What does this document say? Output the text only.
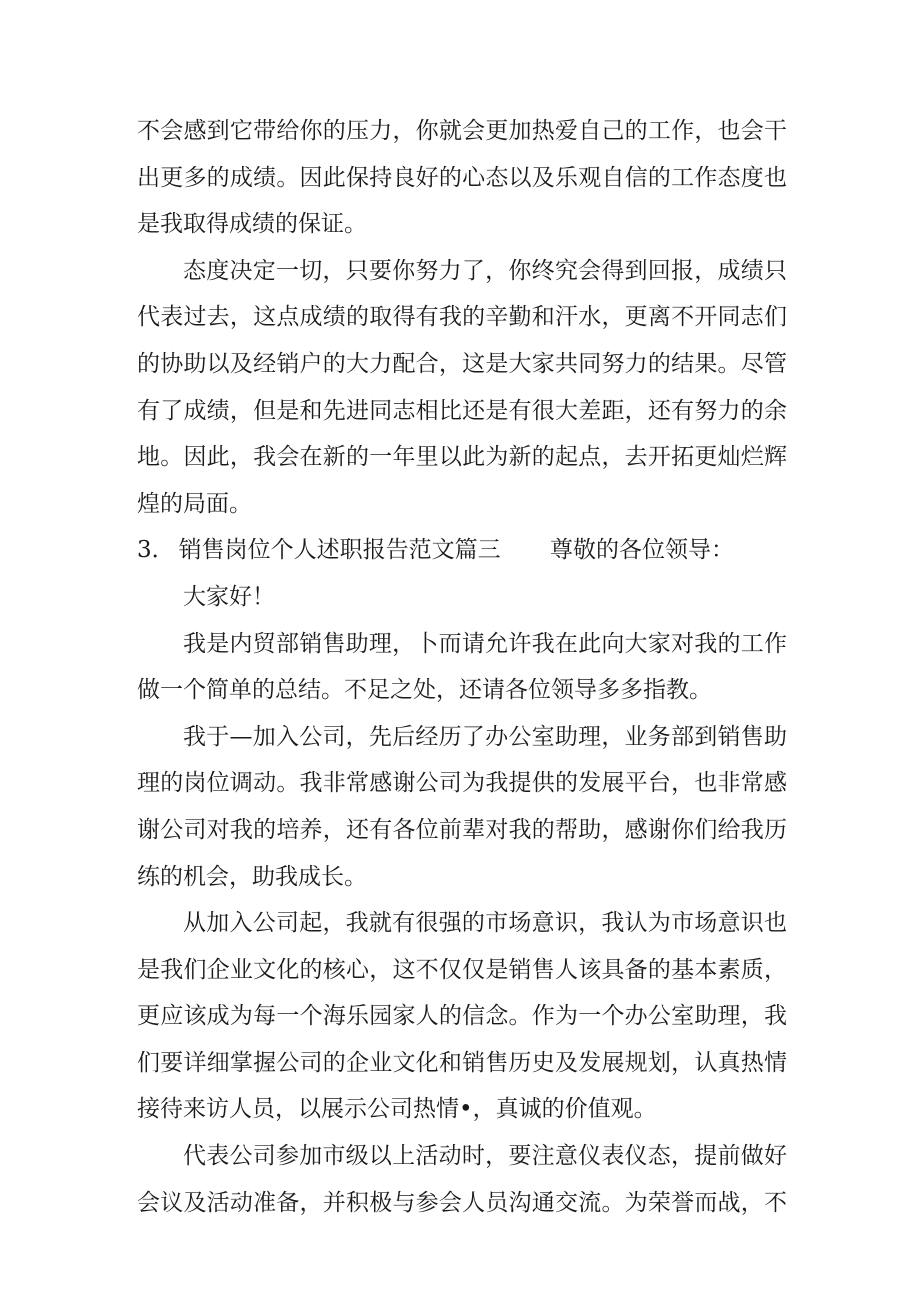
不会感到它带给你的压力，你就会更加热爱自己的工作，也会干
出更多的成绩。因此保持良好的心态以及乐观自信的工作态度也
是我取得成绩的保证。
态度决定一切，只要你努力了，你终究会得到回报，成绩只
代表过去，这点成绩的取得有我的辛勤和汗水，更离不开同志们
的协助以及经销户的大力配合，这是大家共同努力的结果。尽管
有了成绩，但是和先进同志相比还是有很大差距，还有努力的余
地。因此，我会在新的一年里以此为新的起点，去开拓更灿烂辉
煌的局面。
3． 销售岗位个人述职报告范文篇三 尊敬的各位领导：
大家好！
我是内贸部销售助理，卜而请允许我在此向大家对我的工作
做一个简单的总结。不足之处，还请各位领导多多指教。
我于—加入公司，先后经历了办公室助理，业务部到销售助
理的岗位调动。我非常感谢公司为我提供的发展平台，也非常感
谢公司对我的培养，还有各位前辈对我的帮助，感谢你们给我历
练的机会，助我成长。
从加入公司起，我就有很强的市场意识，我认为市场意识也
是我们企业文化的核心，这不仅仅是销售人该具备的基本素质，
更应该成为每一个海乐园家人的信念。作为一个办公室助理，我
们要详细掌握公司的企业文化和销售历史及发展规划，认真热情
接待来访人员，以展示公司热情•，真诚的价值观。
代表公司参加市级以上活动时，要注意仪表仪态，提前做好
会议及活动准备，并积极与参会人员沟通交流。为荣誉而战，不
